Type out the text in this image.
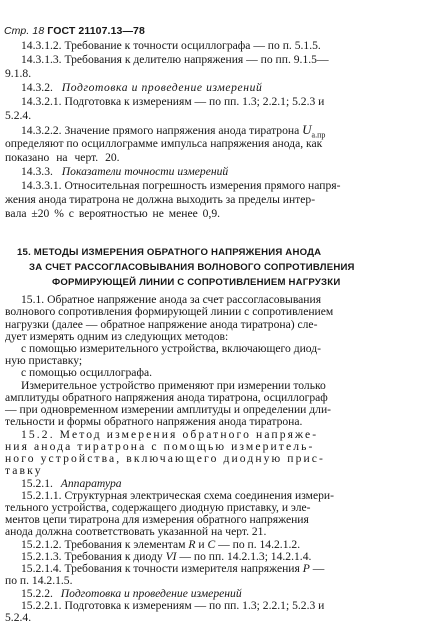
Стр. 18 ГОСТ 21107.13—78
14.3.1.2. Требование к точности осциллографа — по п. 5.1.5.
14.3.1.3. Требования к делителю напряжения — по пп. 9.1.5—
9.1.8.
14.3.2. Подготовка и проведение измерений
14.3.2.1. Подготовка к измерениям — по пп. 1.3; 2.2.1; 5.2.3 и
5.2.4.
14.3.2.2. Значение прямого напряжения анода тиратрона $U_{а.пр}$
определяют по осциллограмме импульса напряжения анода, как
показано на черт. 20.
14.3.3. Показатели точности измерений
14.3.3.1. Относительная погрешность измерения прямого напря-
жения анода тиратрона не должна выходить за пределы интер-
вала ±20 % с вероятностью не менее 0,9.
15. МЕТОДЫ ИЗМЕРЕНИЯ ОБРАТНОГО НАПРЯЖЕНИЯ АНОДА
ЗА СЧЕТ РАССОГЛАСОВЫВАНИЯ ВОЛНОВОГО СОПРОТИВЛЕНИЯ
ФОРМИРУЮЩЕЙ ЛИНИИ С СОПРОТИВЛЕНИЕМ НАГРУЗКИ
15.1. Обратное напряжение анода за счет рассогласовывания
волнового сопротивления формирующей линии с сопротивлением
нагрузки (далее — обратное напряжение анода тиратрона) сле-
дует измерять одним из следующих методов:
с помощью измерительного устройства, включающего диод-
ную приставку;
с помощью осциллографа.
Измерительное устройство применяют при измерении только
амплитуды обратного напряжения анода тиратрона, осциллограф
— при одновременном измерении амплитуды и определении дли-
тельности и формы обратного напряжения анода тиратрона.
15.2. Метод измерения обратного напряже-
ния анода тиратрона с помощью измеритель-
ного устройства, включающего диодную прис-
тавку
15.2.1. Аппаратура
15.2.1.1. Структурная электрическая схема соединения измери-
тельного устройства, содержащего диодную приставку, и эле-
ментов цепи тиратрона для измерения обратного напряжения
анода должна соответствовать указанной на черт. 21.
15.2.1.2. Требования к элементам R и C — по п. 14.2.1.2.
15.2.1.3. Требования к диоду VI — по пп. 14.2.1.3; 14.2.1.4.
15.2.1.4. Требования к точности измерителя напряжения P —
по п. 14.2.1.5.
15.2.2. Подготовка и проведение измерений
15.2.2.1. Подготовка к измерениям — по пп. 1.3; 2.2.1; 5.2.3 и
5.2.4.
